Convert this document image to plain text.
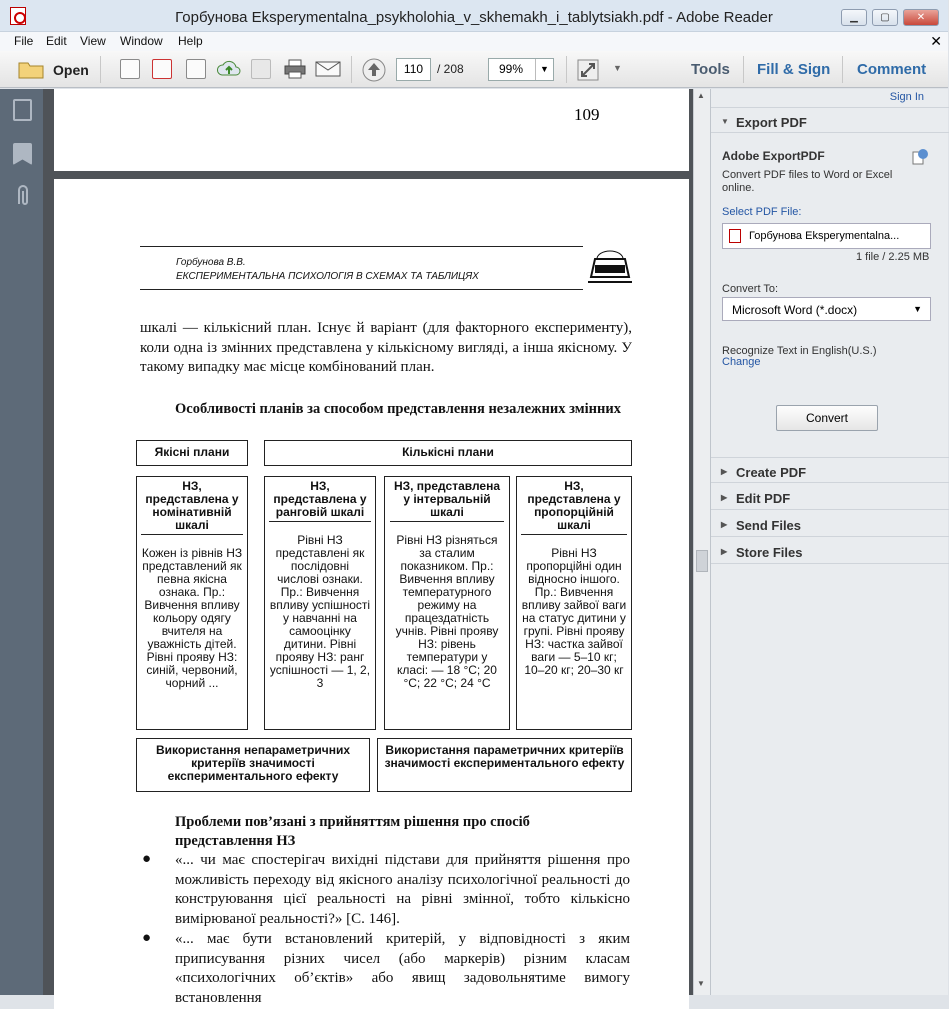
Горбунова Eksperymentalna_psykholohia_v_skhemakh_i_tablytsiakh.pdf - Adobe Reader	▁	▢	✕
File Edit View Window Help	✕
Open	110	/ 208	99%	▼	▼	Tools Fill & Sign Comment
109
Горбунова В.В.
ЕКСПЕРИМЕНТАЛЬНА ПСИХОЛОГІЯ В СХЕМАХ ТА ТАБЛИЦЯХ
шкалі — кількісний план. Існує й варіант (для факторного експерименту), коли одна із змінних представлена у кількісному вигляді, а інша якісному. У такому випадку має місце комбінований план.
Особливості планів за способом представлення незалежних змінних
Якісні плани	Кількісні плани
НЗ, представлена у номінативній шкалі
Кожен із рівнів НЗ представлений як певна якісна ознака. Пр.: Вивчення впливу кольору одягу вчителя на уважність дітей. Рівні прояву НЗ: синій, червоний, чорний ...
НЗ, представлена у ранговій шкалі
Рівні НЗ представлені як послідовні числові ознаки. Пр.: Вивчення впливу успішності у навчанні на самооцінку дитини. Рівні прояву НЗ: ранг успішності — 1, 2, 3
НЗ, представлена у інтервальній шкалі
Рівні НЗ різняться за сталим показником. Пр.: Вивчення впливу температурного режиму на працездатність учнів. Рівні прояву НЗ: рівень температури у класі: — 18 °С; 20 °С; 22 °С; 24 °С
НЗ, представлена у пропорційній шкалі
Рівні НЗ пропорційні один відносно іншого. Пр.: Вивчення впливу зайвої ваги на статус дитини у групі. Рівні прояву НЗ: частка зайвої ваги — 5–10 кг; 10–20 кг; 20–30 кг
Використання непараметричних критеріїв значимості експериментального ефекту
Використання параметричних критеріїв значимості експериментального ефекту
Проблеми пов’язані з прийняттям рішення про спосіб представлення НЗ
● «... чи має спостерігач вихідні підстави для прийняття рішення про можливість переходу від якісного аналізу психологічної реальності до конструювання цієї реальності на рівні змінної, тобто кількісно вимірюваної реальності?» [С. 146].
● «... має бути встановлений критерій, у відповідності з яким приписування різних чисел (або маркерів) різним класам «психологічних об’єктів» або явищ задовольнятиме вимогу встановлення
▲
▼
Sign In
▼ Export PDF
Adobe ExportPDF
Convert PDF files to Word or Excel online.
Select PDF File:
Горбунова Eksperymentalna...
1 file / 2.25 MB
Convert To:
Microsoft Word (*.docx)	▼
Recognize Text in English(U.S.)
Change
Convert
▶ Create PDF
▶ Edit PDF
▶ Send Files
▶ Store Files
